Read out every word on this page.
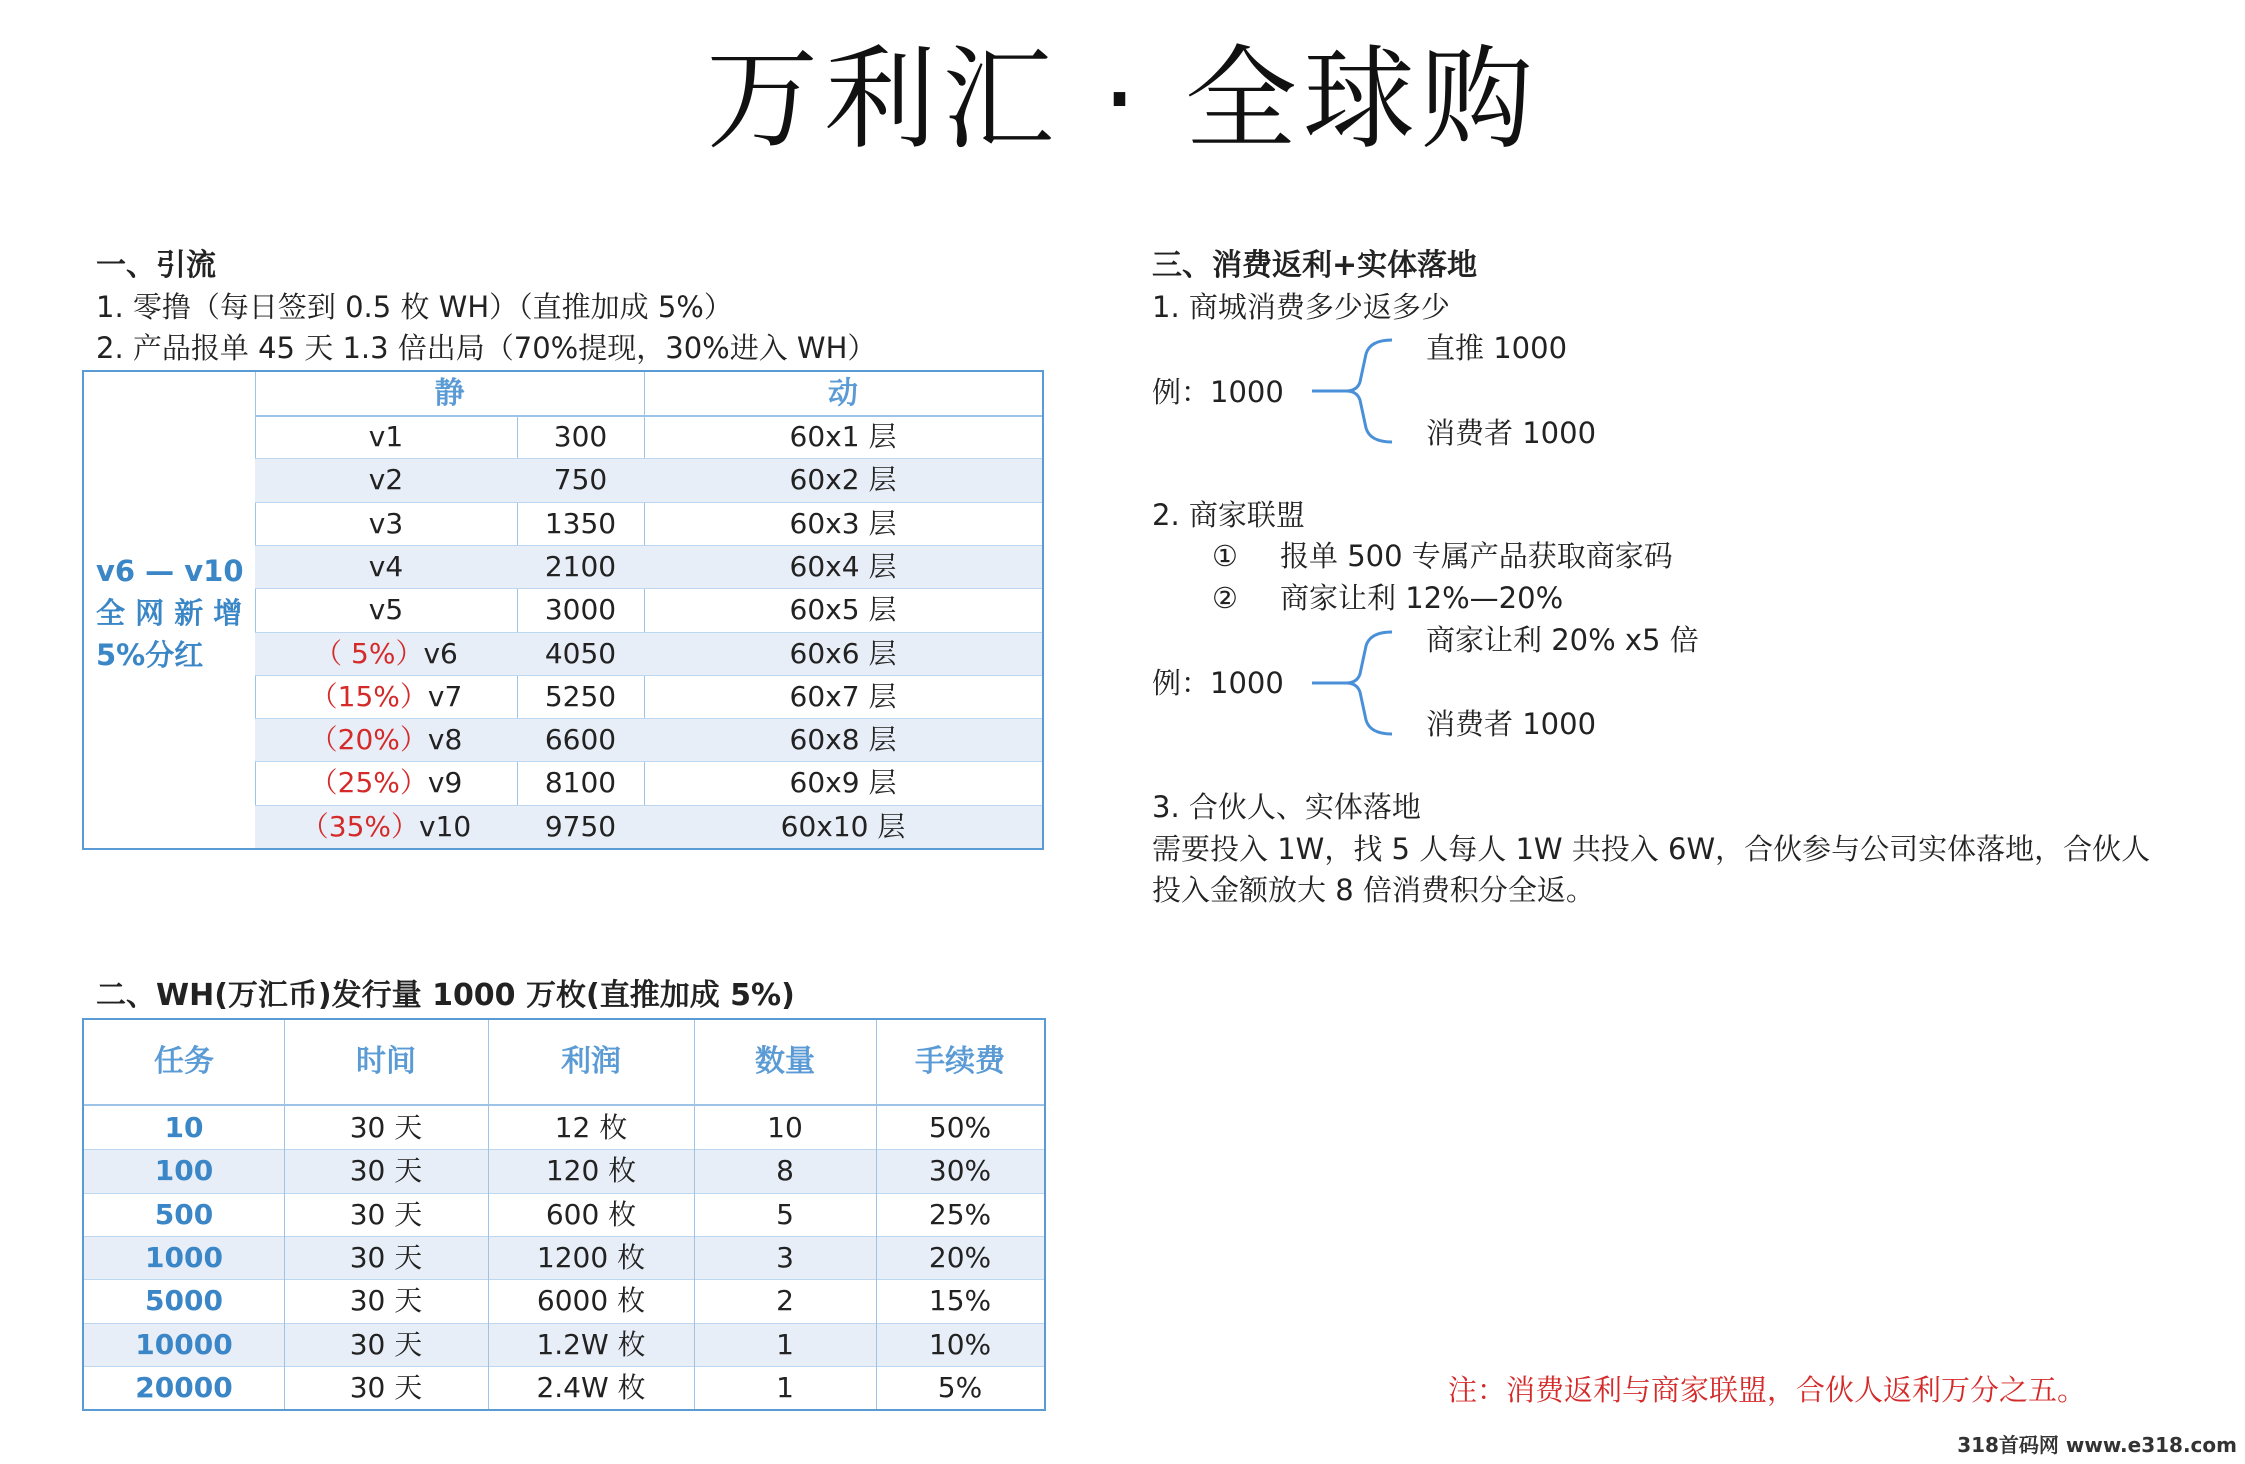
万利汇 · 全球购
一、引流
1. 零撸（每日签到 0.5 枚 WH）（直推加成 5%）
2. 产品报单 45 天 1.3 倍出局（70%提现，30%进入 WH）
v6 — v10
全 网 新 增
5%分红
静	动
v1	300	60x1 层
v2	750	60x2 层
v3	1350	60x3 层
v4	2100	60x4 层
v5	3000	60x5 层
（ 5%）v6	4050	60x6 层
（15%）v7	5250	60x7 层
（20%）v8	6600	60x8 层
（25%）v9	8100	60x9 层
（35%）v10	9750	60x10 层
二、WH(万汇币)发行量 1000 万枚(直推加成 5%)
任务	时间	利润	数量	手续费
10	30 天	12 枚	10	50%
100	30 天	120 枚	8	30%
500	30 天	600 枚	5	25%
1000	30 天	1200 枚	3	20%
5000	30 天	6000 枚	2	15%
10000	30 天	1.2W 枚	1	10%
20000	30 天	2.4W 枚	1	5%
三、消费返利+实体落地
1. 商城消费多少返多少
直推 1000
例：1000
消费者 1000
2. 商家联盟
① 报单 500 专属产品获取商家码
② 商家让利 12%—20%
商家让利 20% x5 倍
例：1000
消费者 1000
3. 合伙人、实体落地
需要投入 1W，找 5 人每人 1W 共投入 6W，合伙参与公司实体落地，合伙人
投入金额放大 8 倍消费积分全返。
注：消费返利与商家联盟，合伙人返利万分之五。
318首码网 www.e318.com
